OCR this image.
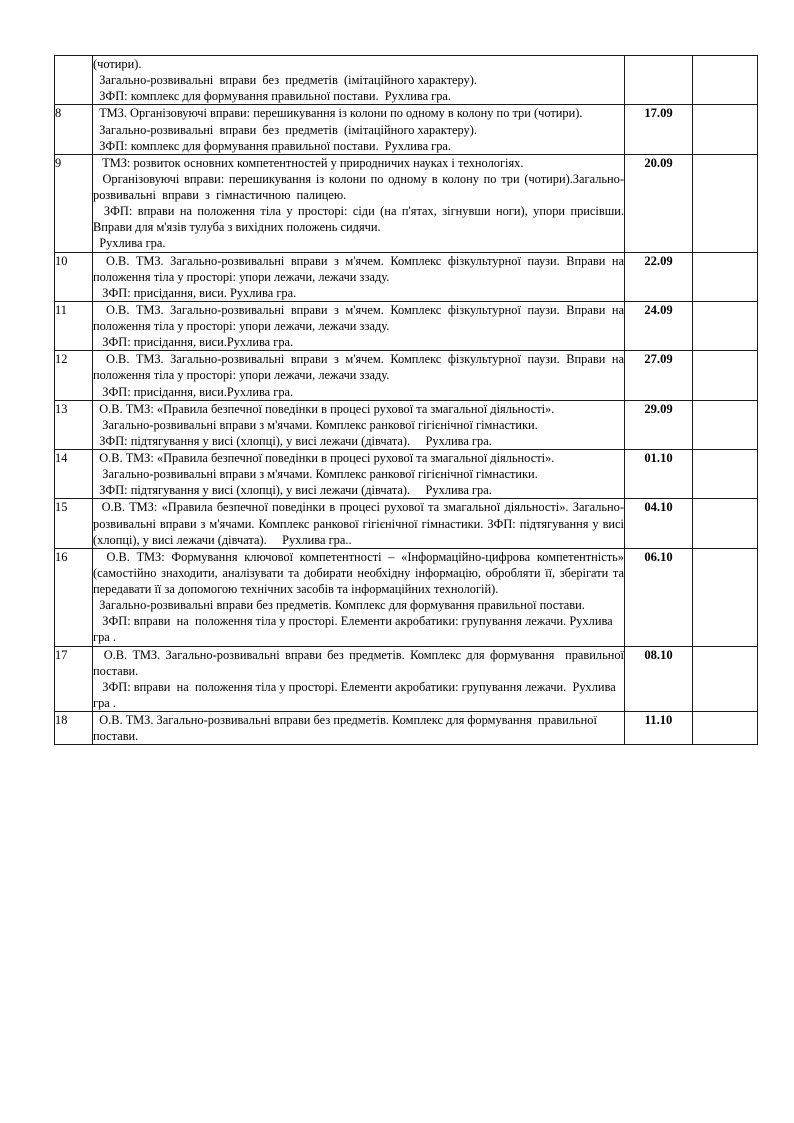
	(чотири).
Загально-розвивальні  вправи  без  предметів  (імітаційного характеру).
ЗФП: комплекс для формування правильної постави.  Рухлива гра.		

8	ТМЗ. Організовуючі вправи: перешикування із колони по одному в колону по три (чотири).
Загально-розвивальні  вправи  без  предметів  (імітаційного характеру).
ЗФП: комплекс для формування правильної постави.  Рухлива гра.	17.09	
9	ТМЗ: розвиток основних компетентностей у природничих науках і технологіях.
Організовуючі вправи: перешикування із колони по одному в колону по три (чотири).Загально-розвивальні  вправи  з  гімнастичною  палицею.
ЗФП: вправи на положення тіла у просторі: сіди (на п'ятах, зігнувши ноги), упори присівши. Вправи для м'язів тулуба з вихідних положень сидячи.
Рухлива гра.	20.09	
10	О.В. ТМЗ. Загально-розвивальні вправи з м'ячем. Комплекс фізкультурної паузи. Вправи на положення тіла у просторі: упори лежачи, лежачи ззаду.
ЗФП: присідання, виси. Рухлива гра.	22.09	
11	О.В. ТМЗ. Загально-розвивальні вправи з м'ячем. Комплекс фізкультурної паузи. Вправи на положення тіла у просторі: упори лежачи, лежачи ззаду.
ЗФП: присідання, виси.Рухлива гра.	24.09	
12	О.В. ТМЗ. Загально-розвивальні вправи з м'ячем. Комплекс фізкультурної паузи. Вправи на положення тіла у просторі: упори лежачи, лежачи ззаду.
ЗФП: присідання, виси.Рухлива гра.	27.09	
13	О.В. ТМЗ: «Правила безпечної поведінки в процесі рухової та змагальної діяльності».
Загально-розвивальні вправи з м'ячами. Комплекс ранкової гігієнічної гімнастики.
ЗФП: підтягування у висі (хлопці), у висі лежачи (дівчата).     Рухлива гра.	29.09	
14	О.В. ТМЗ: «Правила безпечної поведінки в процесі рухової та змагальної діяльності».
Загально-розвивальні вправи з м'ячами. Комплекс ранкової гігієнічної гімнастики.
ЗФП: підтягування у висі (хлопці), у висі лежачи (дівчата).     Рухлива гра.	01.10	
15	О.В. ТМЗ: «Правила безпечної поведінки в процесі рухової та змагальної діяльності». Загально-розвивальні вправи з м'ячами. Комплекс ранкової гігієнічної гімнастики. ЗФП: підтягування у висі (хлопці), у висі лежачи (дівчата).     Рухлива гра..	04.10	
16	О.В. ТМЗ: Формування ключової компетентності – «Інформаційно-цифрова компетентність» (самостійно знаходити, аналізувати та добирати необхідну інформацію, обробляти її, зберігати та передавати її за допомогою технічних засобів та інформаційних технологій).
Загально-розвивальні вправи без предметів. Комплекс для формування правильної постави.
ЗФП: вправи  на  положення тіла у просторі. Елементи акробатики: групування лежачи. Рухлива гра .	06.10	
17	О.В. ТМЗ. Загально-розвивальні вправи без предметів. Комплекс для формування  правильної постави.
ЗФП: вправи  на  положення тіла у просторі. Елементи акробатики: групування лежачи.  Рухлива гра .	08.10	
18	О.В. ТМЗ. Загально-розвивальні вправи без предметів. Комплекс для формування  правильної постави.	11.10	
